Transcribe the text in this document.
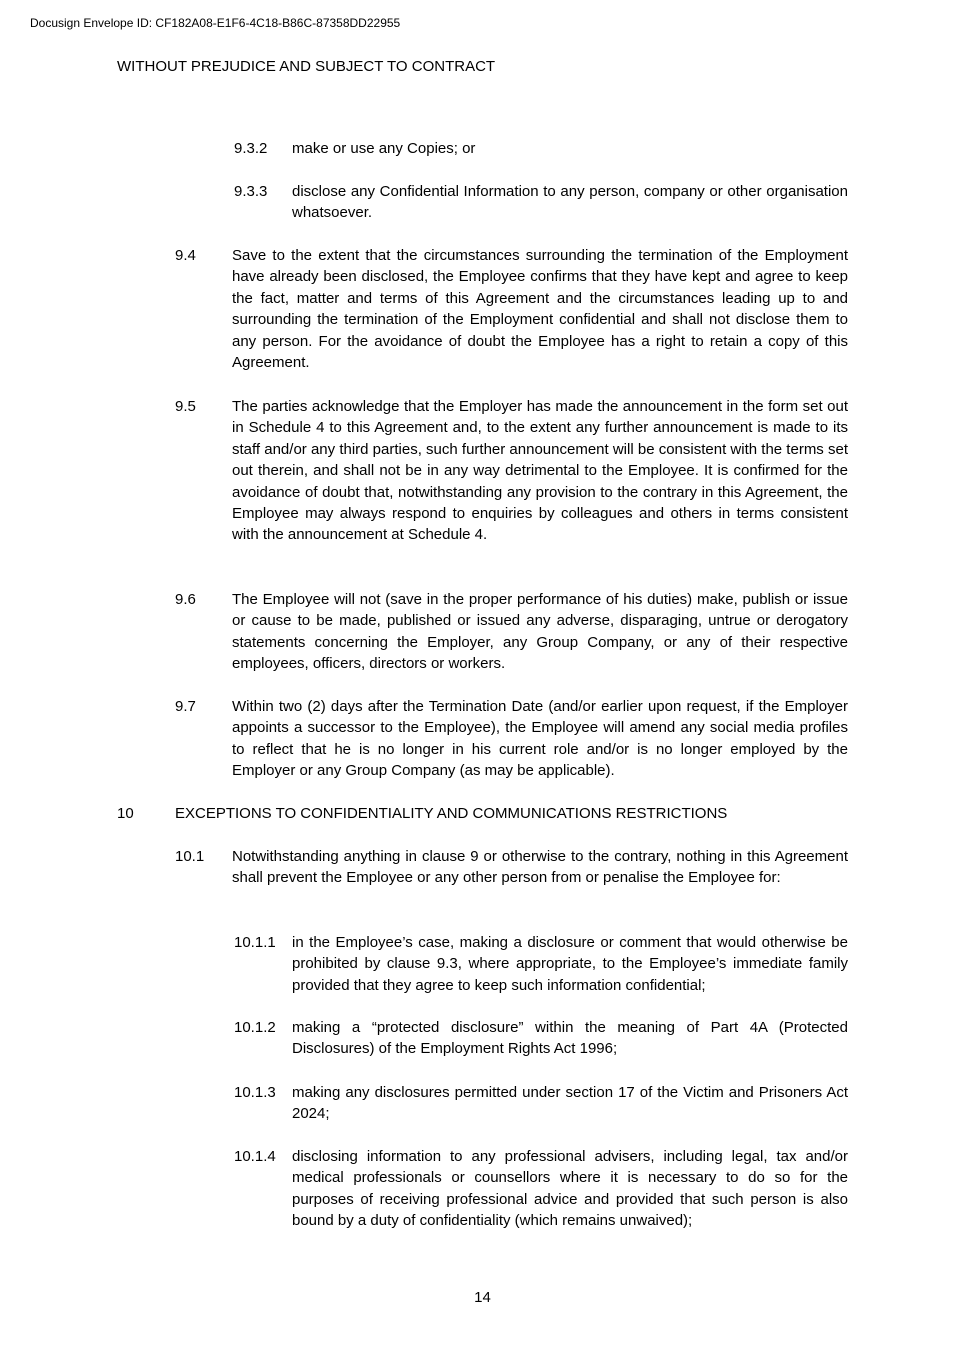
Docusign Envelope ID: CF182A08-E1F6-4C18-B86C-87358DD22955
WITHOUT PREJUDICE AND SUBJECT TO CONTRACT
9.3.2 make or use any Copies; or
9.3.3 disclose any Confidential Information to any person, company or other organisation whatsoever.
9.4 Save to the extent that the circumstances surrounding the termination of the Employment have already been disclosed, the Employee confirms that they have kept and agree to keep the fact, matter and terms of this Agreement and the circumstances leading up to and surrounding the termination of the Employment confidential and shall not disclose them to any person. For the avoidance of doubt the Employee has a right to retain a copy of this Agreement.
9.5 The parties acknowledge that the Employer has made the announcement in the form set out in Schedule 4 to this Agreement and, to the extent any further announcement is made to its staff and/or any third parties, such further announcement will be consistent with the terms set out therein, and shall not be in any way detrimental to the Employee. It is confirmed for the avoidance of doubt that, notwithstanding any provision to the contrary in this Agreement, the Employee may always respond to enquiries by colleagues and others in terms consistent with the announcement at Schedule 4.
9.6 The Employee will not (save in the proper performance of his duties) make, publish or issue or cause to be made, published or issued any adverse, disparaging, untrue or derogatory statements concerning the Employer, any Group Company, or any of their respective employees, officers, directors or workers.
9.7 Within two (2) days after the Termination Date (and/or earlier upon request, if the Employer appoints a successor to the Employee), the Employee will amend any social media profiles to reflect that he is no longer in his current role and/or is no longer employed by the Employer or any Group Company (as may be applicable).
10	EXCEPTIONS TO CONFIDENTIALITY AND COMMUNICATIONS RESTRICTIONS
10.1 Notwithstanding anything in clause 9 or otherwise to the contrary, nothing in this Agreement shall prevent the Employee or any other person from or penalise the Employee for:
10.1.1 in the Employee’s case, making a disclosure or comment that would otherwise be prohibited by clause 9.3, where appropriate, to the Employee’s immediate family provided that they agree to keep such information confidential;
10.1.2 making a “protected disclosure” within the meaning of Part 4A (Protected Disclosures) of the Employment Rights Act 1996;
10.1.3 making any disclosures permitted under section 17 of the Victim and Prisoners Act 2024;
10.1.4 disclosing information to any professional advisers, including legal, tax and/or medical professionals or counsellors where it is necessary to do so for the purposes of receiving professional advice and provided that such person is also bound by a duty of confidentiality (which remains unwaived);
14
